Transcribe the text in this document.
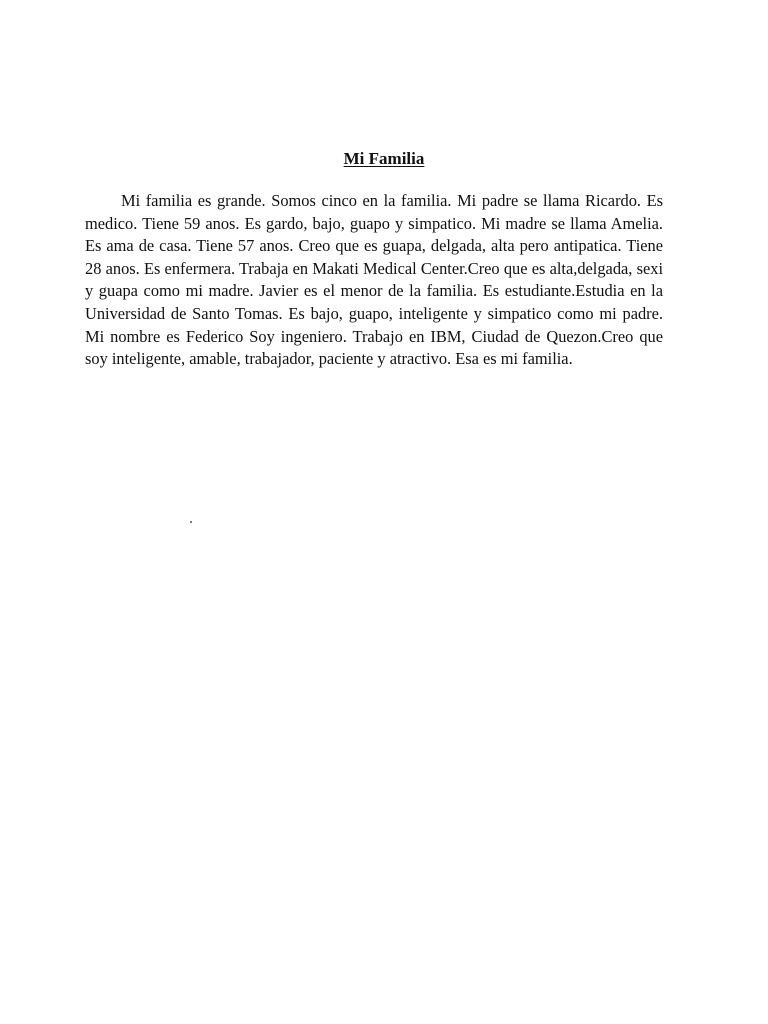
Mi Familia

Mi familia es grande. Somos cinco en la familia. Mi padre se llama Ricardo. Es medico. Tiene 59 anos. Es gardo, bajo, guapo y simpatico. Mi madre se llama Amelia. Es ama de casa. Tiene 57 anos. Creo que es guapa, delgada, alta pero antipatica. Tiene 28 anos. Es enfermera. Trabaja en Makati Medical Center.Creo que es alta,delgada, sexi y guapa como mi madre. Javier es el menor de la familia. Es estudiante.Estudia en la Universidad de Santo Tomas. Es bajo, guapo, inteligente y simpatico como mi padre. Mi nombre es Federico Soy ingeniero. Trabajo en IBM, Ciudad de Quezon.Creo que soy inteligente, amable, trabajador, paciente y atractivo. Esa es mi familia.
